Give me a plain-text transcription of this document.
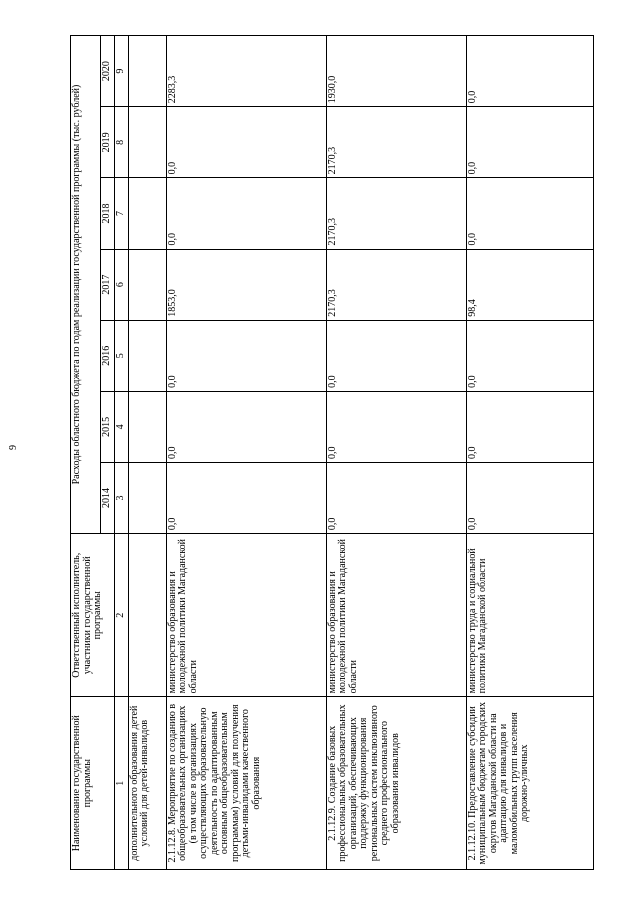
9
Наименование государственной программы	Ответственный исполнитель, участники государственной программы	Расходы областного бюджета по годам реализации государственной программы (тыс. рублей)						
		2014	2015	2016	2017	2018	2019	2020
1	2	3	4	5	6	7	8	9
дополнительного образования детей условий для детей-инвалидов								
2.1.12.8. Мероприятие по созданию в общеобразовательных организациях (в том числе в организациях осуществляющих образовательную деятельность по адаптированным основным общеобразовательным программам) условий для получения детьми-инвалидами качественного образования	министерство образования и молодежной политики Магаданской области	0,0	0,0	0,0	1853,0	0,0	0,0	2283,3
2.1.12.9. Создание базовых профессиональных образовательных организаций, обеспечивающих поддержку функционирования региональных систем инклюзивного среднего профессионального образования инвалидов	министерство образования и молодежной политики Магаданской области	0,0	0,0	0,0	2170,3	2170,3	2170,3	1930,0
2.1.12.10. Предоставление субсидии муниципальным бюджетам городских округов Магаданской области на адаптацию для инвалидов и маломобильных групп населения дорожно-уличных	министерство труда и социальной политики Магаданской области	0,0	0,0	0,0	98,4	0,0	0,0	0,0
